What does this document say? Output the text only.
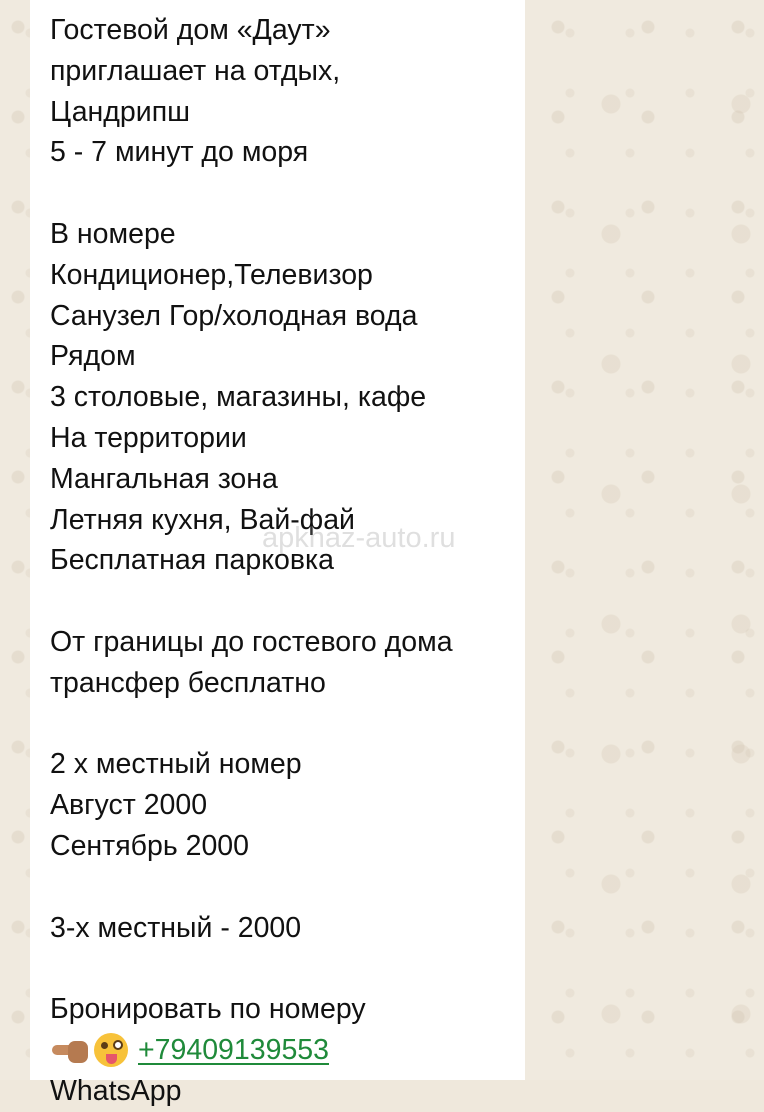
Гостевой дом «Даут»
приглашает на отдых,
Цандрипш
5 - 7 минут до моря
В номере
Кондиционер,Телевизор
Санузел Гор/холодная вода
Рядом
3 столовые, магазины, кафе
На территории
Мангальная зона
Летняя кухня, Вай-фай
Бесплатная парковка
От границы до гостевого дома
трансфер бесплатно
2 х местный номер
Август 2000
Сентябрь 2000
3-х местный - 2000
Бронировать по номеру
+79409139553
WhatsApp
apkhaz-auto.ru
